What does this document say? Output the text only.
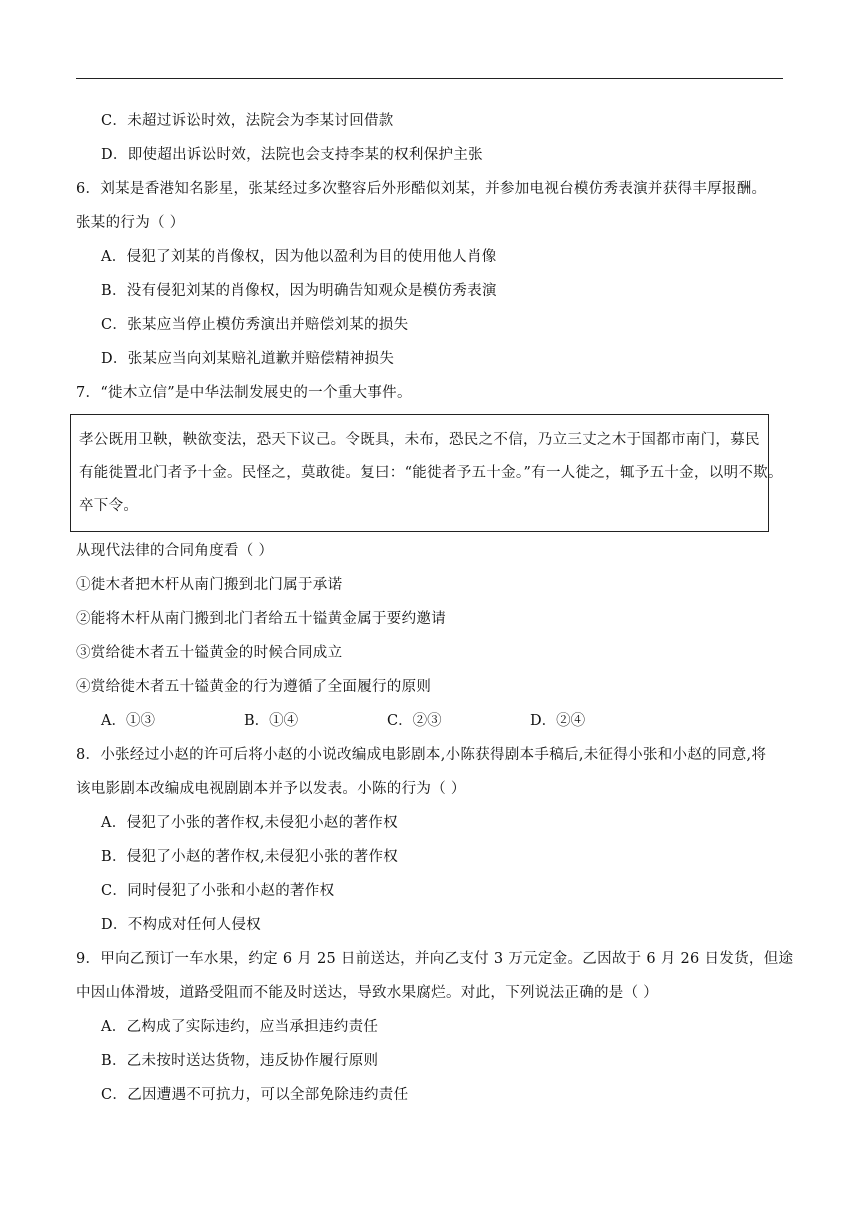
C．未超过诉讼时效，法院会为李某讨回借款
D．即使超出诉讼时效，法院也会支持李某的权利保护主张
6．刘某是香港知名影星，张某经过多次整容后外形酷似刘某，并参加电视台模仿秀表演并获得丰厚报酬。
张某的行为（ ）
A．侵犯了刘某的肖像权，因为他以盈利为目的使用他人肖像
B．没有侵犯刘某的肖像权，因为明确告知观众是模仿秀表演
C．张某应当停止模仿秀演出并赔偿刘某的损失
D．张某应当向刘某赔礼道歉并赔偿精神损失
7．“徙木立信”是中华法制发展史的一个重大事件。
孝公既用卫鞅，鞅欲变法，恐天下议己。令既具，未布，恐民之不信，乃立三丈之木于国都市南门，募民
有能徙置北门者予十金。民怪之，莫敢徙。复曰：“能徙者予五十金。”有一人徙之，辄予五十金，以明不欺。
卒下令。
从现代法律的合同角度看（ ）
①徙木者把木杆从南门搬到北门属于承诺
②能将木杆从南门搬到北门者给五十镒黄金属于要约邀请
③赏给徙木者五十镒黄金的时候合同成立
④赏给徙木者五十镒黄金的行为遵循了全面履行的原则
A．①③	B．①④	C．②③	D．②④
8．小张经过小赵的许可后将小赵的小说改编成电影剧本,小陈获得剧本手稿后,未征得小张和小赵的同意,将
该电影剧本改编成电视剧剧本并予以发表。小陈的行为（ ）
A．侵犯了小张的著作权,未侵犯小赵的著作权
B．侵犯了小赵的著作权,未侵犯小张的著作权
C．同时侵犯了小张和小赵的著作权
D．不构成对任何人侵权
9．甲向乙预订一车水果，约定 6 月 25 日前送达，并向乙支付 3 万元定金。乙因故于 6 月 26 日发货，但途
中因山体滑坡，道路受阻而不能及时送达，导致水果腐烂。对此，下列说法正确的是（ ）
A．乙构成了实际违约，应当承担违约责任
B．乙未按时送达货物，违反协作履行原则
C．乙因遭遇不可抗力，可以全部免除违约责任
